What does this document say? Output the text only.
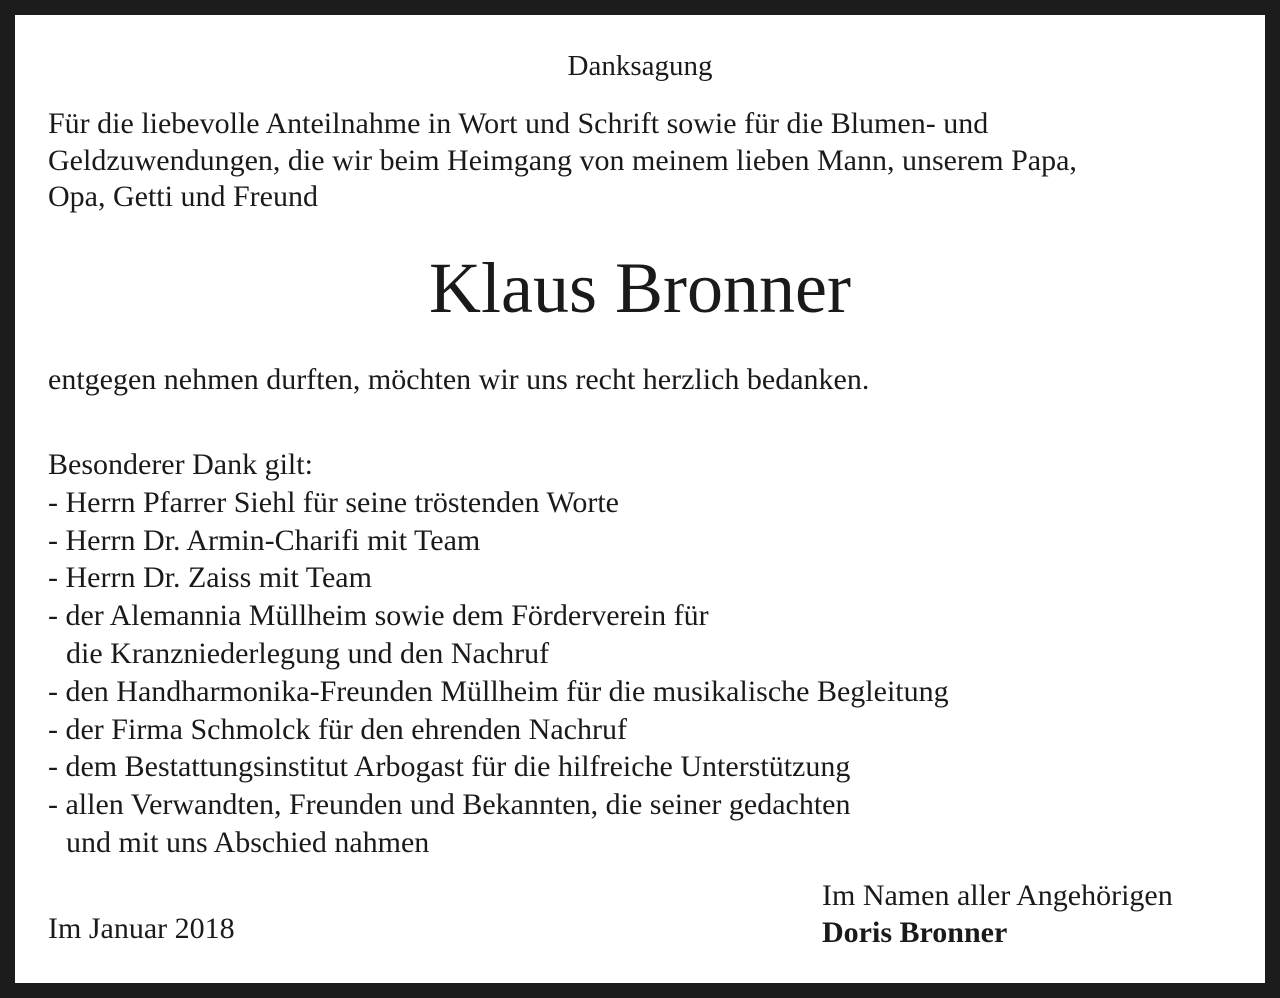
Danksagung
Für die liebevolle Anteilnahme in Wort und Schrift sowie für die Blumen- und
Geldzuwendungen, die wir beim Heimgang von meinem lieben Mann, unserem Papa,
Opa, Getti und Freund
Klaus Bronner
entgegen nehmen durften, möchten wir uns recht herzlich bedanken.
Besonderer Dank gilt:
- Herrn Pfarrer Siehl für seine tröstenden Worte
- Herrn Dr. Armin-Charifi mit Team
- Herrn Dr. Zaiss mit Team
- der Alemannia Müllheim sowie dem Förderverein für
die Kranzniederlegung und den Nachruf
- den Handharmonika-Freunden Müllheim für die musikalische Begleitung
- der Firma Schmolck für den ehrenden Nachruf
- dem Bestattungsinstitut Arbogast für die hilfreiche Unterstützung
- allen Verwandten, Freunden und Bekannten, die seiner gedachten
und mit uns Abschied nahmen
Im Januar 2018
Im Namen aller Angehörigen
Doris Bronner
